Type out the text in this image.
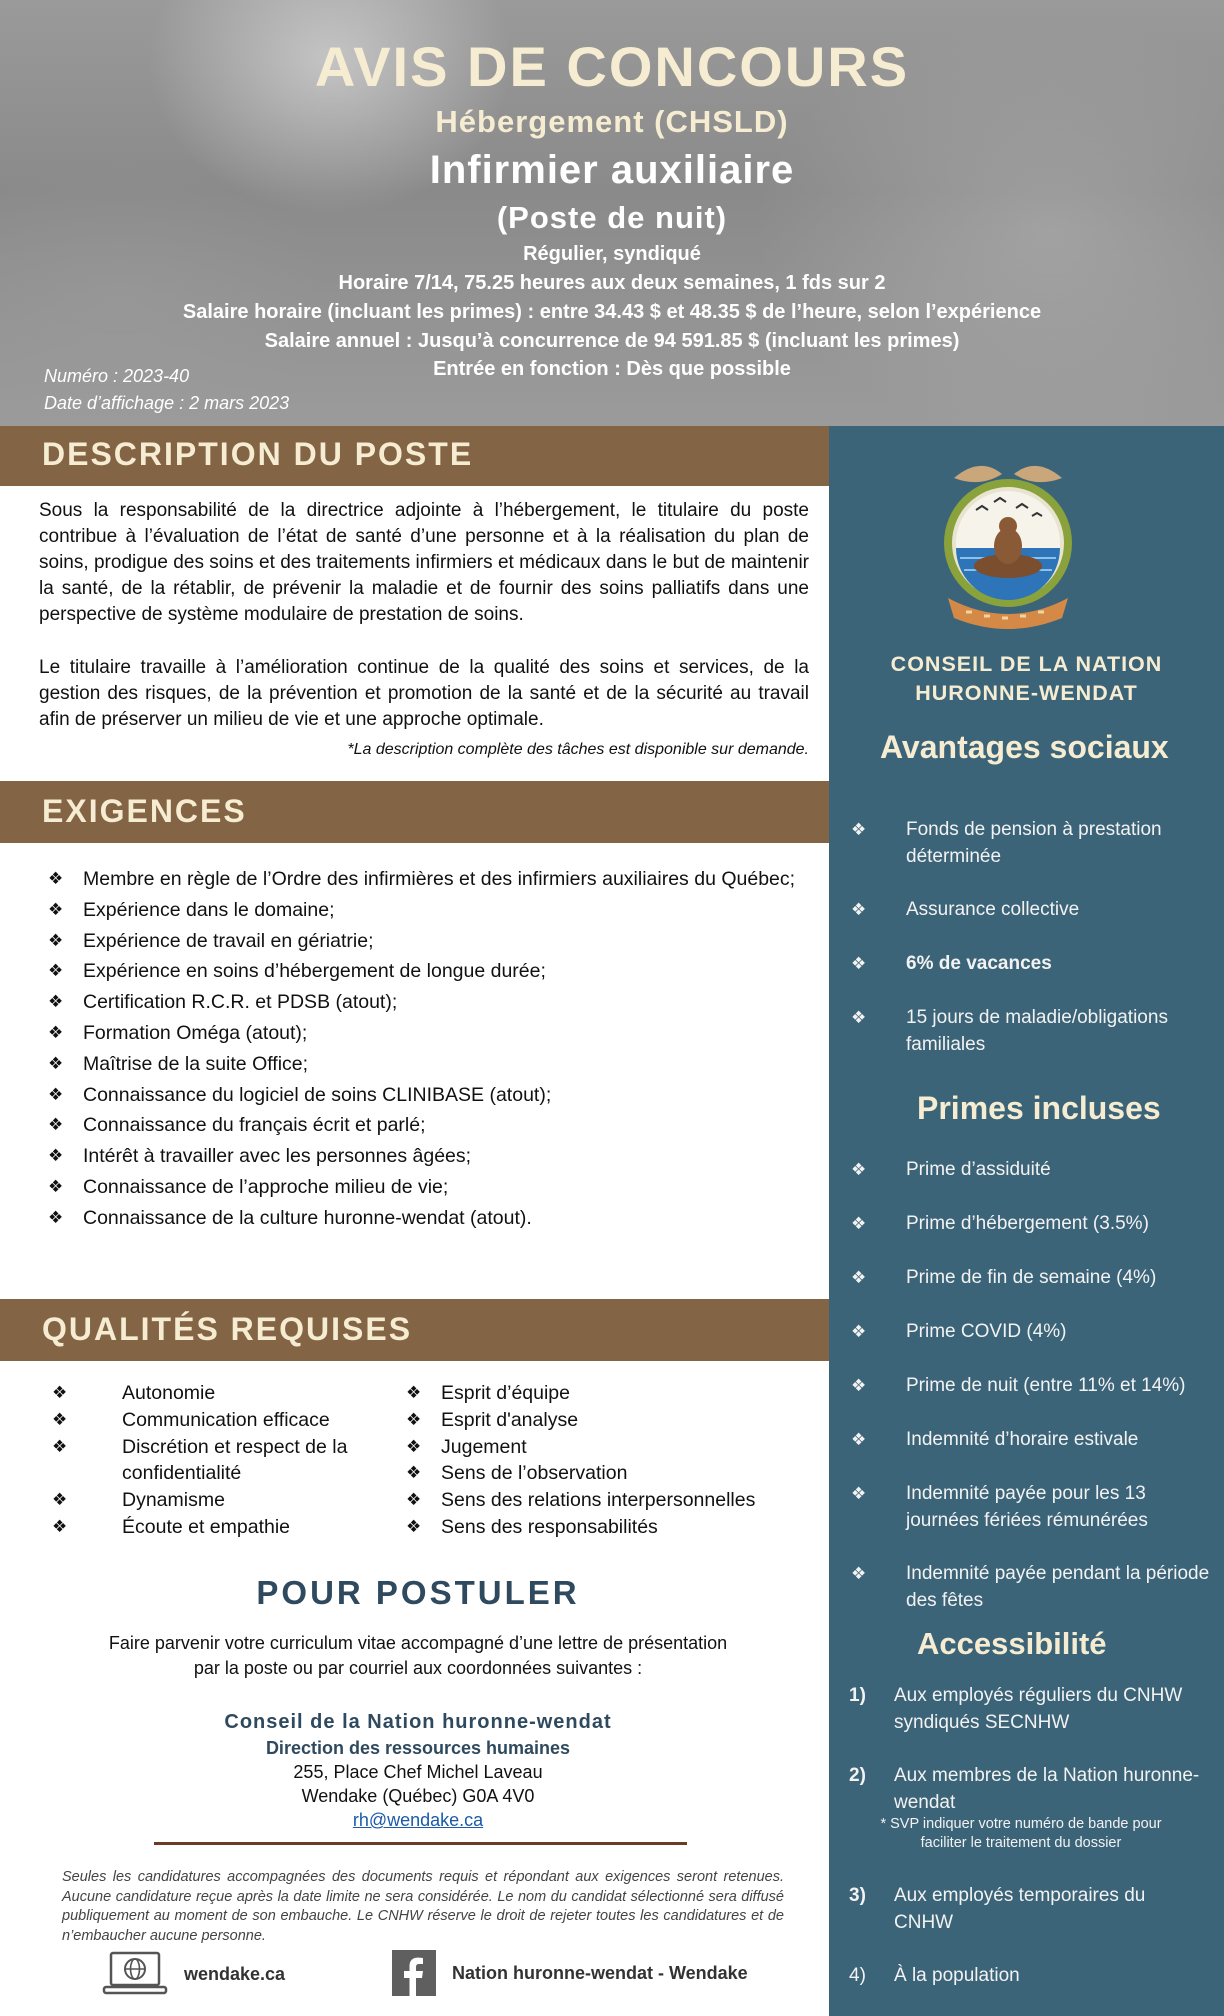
AVIS DE CONCOURS
Hébergement (CHSLD)
Infirmier auxiliaire
(Poste de nuit)
Régulier, syndiqué
Horaire 7/14, 75.25 heures aux deux semaines, 1 fds sur 2
Salaire horaire (incluant les primes) : entre 34.43 $ et 48.35 $ de l’heure, selon l’expérience
Salaire annuel : Jusqu’à concurrence de 94 591.85 $ (incluant les primes)
Entrée en fonction : Dès que possible
Numéro : 2023-40
Date d’affichage : 2 mars 2023
DESCRIPTION DU POSTE
Sous la responsabilité de la directrice adjointe à l’hébergement, le titulaire du poste contribue à l’évaluation de l’état de santé d’une personne et à la réalisation du plan de soins, prodigue des soins et des traitements infirmiers et médicaux dans le but de maintenir la santé, de la rétablir, de prévenir la maladie et de fournir des soins palliatifs dans une perspective de système modulaire de prestation de soins.
Le titulaire travaille à l’amélioration continue de la qualité des soins et services, de la gestion des risques, de la prévention et promotion de la santé et de la sécurité au travail afin de préserver un milieu de vie et une approche optimale.
*La description complète des tâches est disponible sur demande.
EXIGENCES
❖ Membre en règle de l’Ordre des infirmières et des infirmiers auxiliaires du Québec;
❖ Expérience dans le domaine;
❖ Expérience de travail en gériatrie;
❖ Expérience en soins d’hébergement de longue durée;
❖ Certification R.C.R. et PDSB (atout);
❖ Formation Oméga (atout);
❖ Maîtrise de la suite Office;
❖ Connaissance du logiciel de soins CLINIBASE (atout);
❖ Connaissance du français écrit et parlé;
❖ Intérêt à travailler avec les personnes âgées;
❖ Connaissance de l’approche milieu de vie;
❖ Connaissance de la culture huronne-wendat (atout).
QUALITÉS REQUISES
❖	Autonomie
❖	Communication efficace
❖	Discrétion et respect de la confidentialité
❖	Dynamisme
❖	Écoute et empathie
❖ Esprit d’équipe
❖ Esprit d'analyse
❖ Jugement
❖ Sens de l’observation
❖ Sens des relations interpersonnelles
❖ Sens des responsabilités
POUR POSTULER
Faire parvenir votre curriculum vitae accompagné d’une lettre de présentation par la poste ou par courriel aux coordonnées suivantes :
Conseil de la Nation huronne-wendat
Direction des ressources humaines
255, Place Chef Michel Laveau
Wendake (Québec) G0A 4V0
rh@wendake.ca
Seules les candidatures accompagnées des documents requis et répondant aux exigences seront retenues. Aucune candidature reçue après la date limite ne sera considérée. Le nom du candidat sélectionné sera diffusé publiquement au moment de son embauche. Le CNHW réserve le droit de rejeter toutes les candidatures et de n’embaucher aucune personne.
wendake.ca	Nation huronne-wendat - Wendake
CONSEIL DE LA NATION HURONNE-WENDAT
Avantages sociaux
❖ Fonds de pension à prestation déterminée
❖ Assurance collective
❖ 6% de vacances
❖ 15 jours de maladie/obligations familiales
Primes incluses
❖ Prime d’assiduité
❖ Prime d’hébergement (3.5%)
❖ Prime de fin de semaine (4%)
❖ Prime COVID (4%)
❖ Prime de nuit (entre 11% et 14%)
❖ Indemnité d’horaire estivale
❖ Indemnité payée pour les 13 journées fériées rémunérées
❖ Indemnité payée pendant la période des fêtes
Accessibilité
1) Aux employés réguliers du CNHW syndiqués SECNHW
2) Aux membres de la Nation huronne-wendat
3) Aux employés temporaires du CNHW
4) À la population
* SVP indiquer votre numéro de bande pour faciliter le traitement du dossier
